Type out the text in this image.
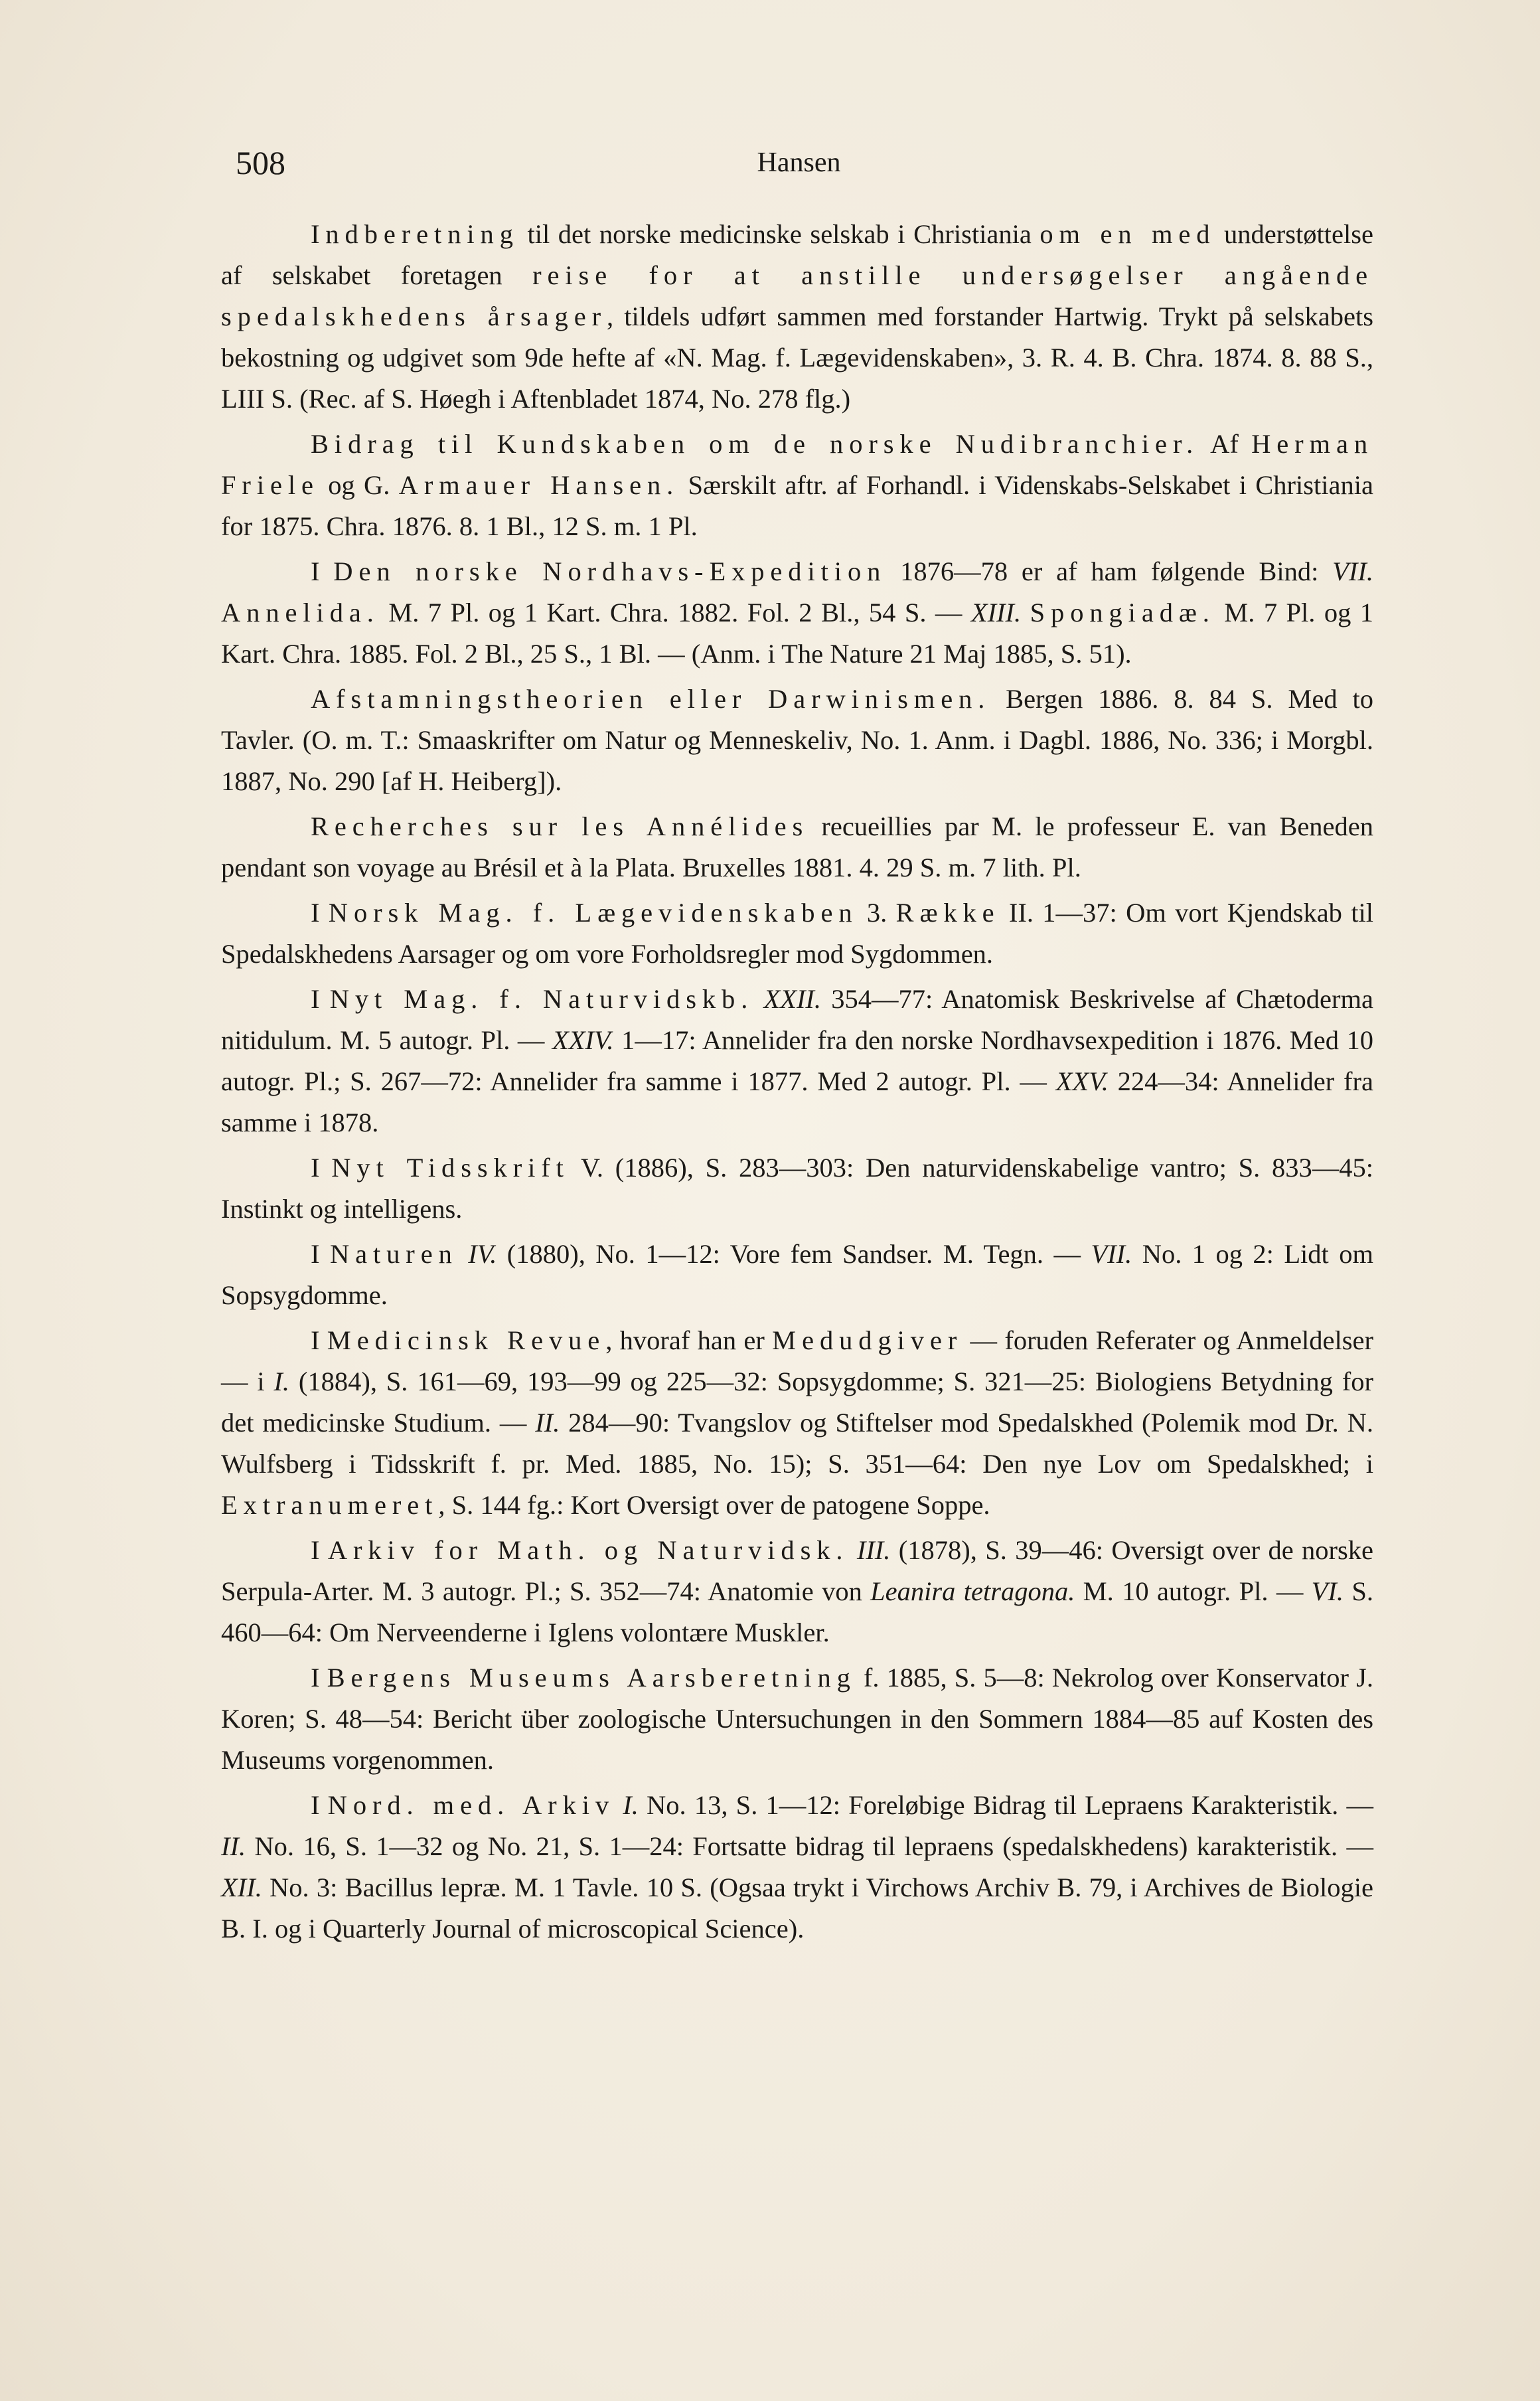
508	Hansen

Indberetning til det norske medicinske selskab i Christiania om en med understøttelse af selskabet foretagen reise for at anstille undersøgelser angående spedalskhedens årsager, tildels udført sammen med forstander Hartwig. Trykt på selskabets bekostning og udgivet som 9de hefte af «N. Mag. f. Lægevidenskaben», 3. R. 4. B. Chra. 1874. 8. 88 S., LIII S. (Rec. af S. Høegh i Aftenbladet 1874, No. 278 flg.)

Bidrag til Kundskaben om de norske Nudibranchier. Af Herman Friele og G. Armauer Hansen. Særskilt aftr. af Forhandl. i Videnskabs-Selskabet i Christiania for 1875. Chra. 1876. 8. 1 Bl., 12 S. m. 1 Pl.

I Den norske Nordhavs-Expedition 1876—78 er af ham følgende Bind: VII. Annelida. M. 7 Pl. og 1 Kart. Chra. 1882. Fol. 2 Bl., 54 S. — XIII. Spongiadæ. M. 7 Pl. og 1 Kart. Chra. 1885. Fol. 2 Bl., 25 S., 1 Bl. — (Anm. i The Nature 21 Maj 1885, S. 51).

Afstamningstheorien eller Darwinismen. Bergen 1886. 8. 84 S. Med to Tavler. (O. m. T.: Smaaskrifter om Natur og Menneskeliv, No. 1. Anm. i Dagbl. 1886, No. 336; i Morgbl. 1887, No. 290 [af H. Heiberg]).

Recherches sur les Annélides recueillies par M. le professeur E. van Beneden pendant son voyage au Brésil et à la Plata. Bruxelles 1881. 4. 29 S. m. 7 lith. Pl.

I Norsk Mag. f. Lægevidenskaben 3. Række II. 1—37: Om vort Kjendskab til Spedalskhedens Aarsager og om vore Forholdsregler mod Sygdommen.

I Nyt Mag. f. Naturvidskb. XXII. 354—77: Anatomisk Beskrivelse af Chætoderma nitidulum. M. 5 autogr. Pl. — XXIV. 1—17: Annelider fra den norske Nordhavsexpedition i 1876. Med 10 autogr. Pl.; S. 267—72: Annelider fra samme i 1877. Med 2 autogr. Pl. — XXV. 224—34: Annelider fra samme i 1878.

I Nyt Tidsskrift V. (1886), S. 283—303: Den naturvidenskabelige vantro; S. 833—45: Instinkt og intelligens.

I Naturen IV. (1880), No. 1—12: Vore fem Sandser. M. Tegn. — VII. No. 1 og 2: Lidt om Sopsygdomme.

I Medicinsk Revue, hvoraf han er Medudgiver — foruden Referater og Anmeldelser — i I. (1884), S. 161—69, 193—99 og 225—32: Sopsygdomme; S. 321—25: Biologiens Betydning for det medicinske Studium. — II. 284—90: Tvangslov og Stiftelser mod Spedalskhed (Polemik mod Dr. N. Wulfsberg i Tidsskrift f. pr. Med. 1885, No. 15); S. 351—64: Den nye Lov om Spedalskhed; i Extranumeret, S. 144 fg.: Kort Oversigt over de patogene Soppe.

I Arkiv for Math. og Naturvidsk. III. (1878), S. 39—46: Oversigt over de norske Serpula-Arter. M. 3 autogr. Pl.; S. 352—74: Anatomie von Leanira tetragona. M. 10 autogr. Pl. — VI. S. 460—64: Om Nerveenderne i Iglens volontære Muskler.

I Bergens Museums Aarsberetning f. 1885, S. 5—8: Nekrolog over Konservator J. Koren; S. 48—54: Bericht über zoologische Untersuchungen in den Sommern 1884—85 auf Kosten des Museums vorgenommen.

I Nord. med. Arkiv I. No. 13, S. 1—12: Foreløbige Bidrag til Lepraens Karakteristik. — II. No. 16, S. 1—32 og No. 21, S. 1—24: Fortsatte bidrag til lepraens (spedalskhedens) karakteristik. — XII. No. 3: Bacillus lepræ. M. 1 Tavle. 10 S. (Ogsaa trykt i Virchows Archiv B. 79, i Archives de Biologie B. I. og i Quarterly Journal of microscopical Science).
